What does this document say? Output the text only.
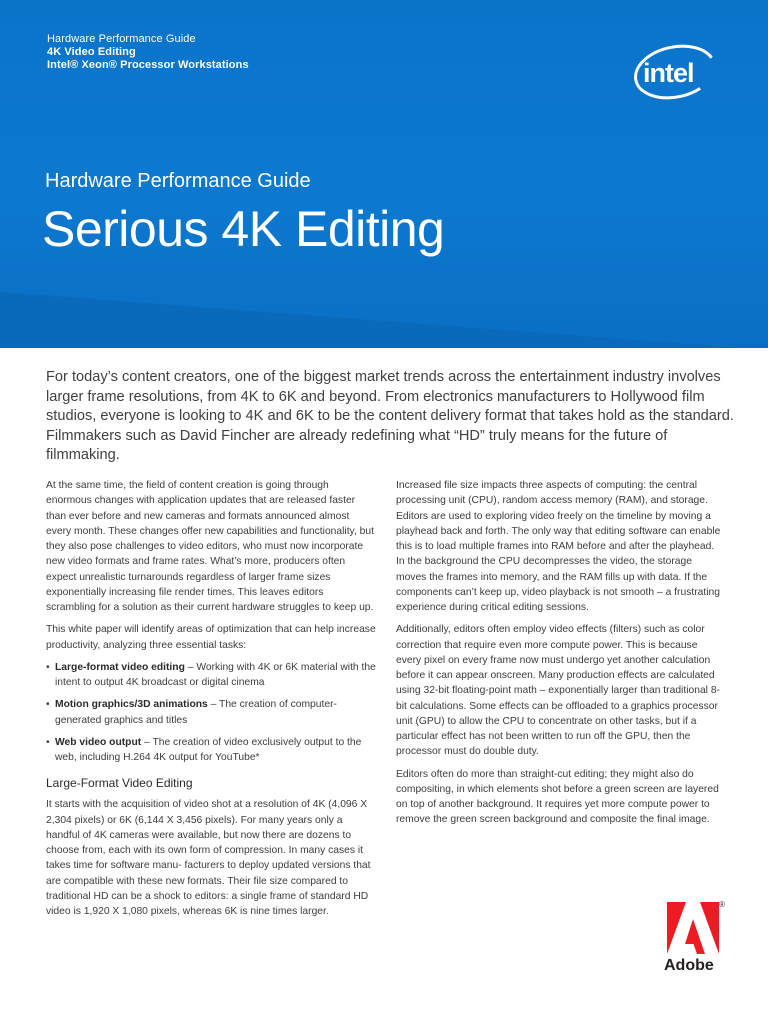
Hardware Performance Guide
4K Video Editing
Intel® Xeon® Processor Workstations	intel
Hardware Performance Guide
Serious 4K Editing

For today’s content creators, one of the biggest market trends across the entertainment industry involves larger frame resolutions, from 4K to 6K and beyond. From electronics manufacturers to Hollywood film studios, everyone is looking to 4K and 6K to be the content delivery format that takes hold as the standard. Filmmakers such as David Fincher are already redefining what “HD” truly means for the future of filmmaking.

At the same time, the field of content creation is going through enormous changes with application updates that are released faster than ever before and new cameras and formats announced almost every month. These changes offer new capabilities and functionality, but they also pose challenges to video editors, who must now incorporate new video formats and frame rates. What’s more, producers often expect unrealistic turnarounds regardless of larger frame sizes exponentially increasing file render times. This leaves editors scrambling for a solution as their current hardware struggles to keep up.

This white paper will identify areas of optimization that can help increase productivity, analyzing three essential tasks:

• Large-format video editing – Working with 4K or 6K material with the intent to output 4K broadcast or digital cinema
• Motion graphics/3D animations – The creation of computer-generated graphics and titles
• Web video output – The creation of video exclusively output to the web, including H.264 4K output for YouTube*
Large-Format Video Editing

It starts with the acquisition of video shot at a resolution of 4K (4,096 X 2,304 pixels) or 6K (6,144 X 3,456 pixels). For many years only a handful of 4K cameras were available, but now there are dozens to choose from, each with its own form of compression. In many cases it takes time for software manu- facturers to deploy updated versions that are compatible with these new formats. Their file size compared to traditional HD can be a shock to editors: a single frame of standard HD video is 1,920 X 1,080 pixels, whereas 6K is nine times larger.

Increased file size impacts three aspects of computing: the central processing unit (CPU), random access memory (RAM), and storage. Editors are used to exploring video freely on the timeline by moving a playhead back and forth. The only way that editing software can enable this is to load multiple frames into RAM before and after the playhead. In the background the CPU decompresses the video, the storage moves the frames into memory, and the RAM fills up with data. If the components can’t keep up, video playback is not smooth – a frustrating experience during critical editing sessions.

Additionally, editors often employ video effects (filters) such as color correction that require even more compute power. This is because every pixel on every frame now must undergo yet another calculation before it can appear onscreen. Many production effects are calculated using 32-bit floating-point math – exponentially larger than traditional 8-bit calculations. Some effects can be offloaded to a graphics processor unit (GPU) to allow the CPU to concentrate on other tasks, but if a particular effect has not been written to run off the GPU, then the processor must do double duty.

Editors often do more than straight-cut editing; they might also do compositing, in which elements shot before a green screen are layered on top of another background. It requires yet more compute power to remove the green screen background and composite the final image.

®
Adobe
